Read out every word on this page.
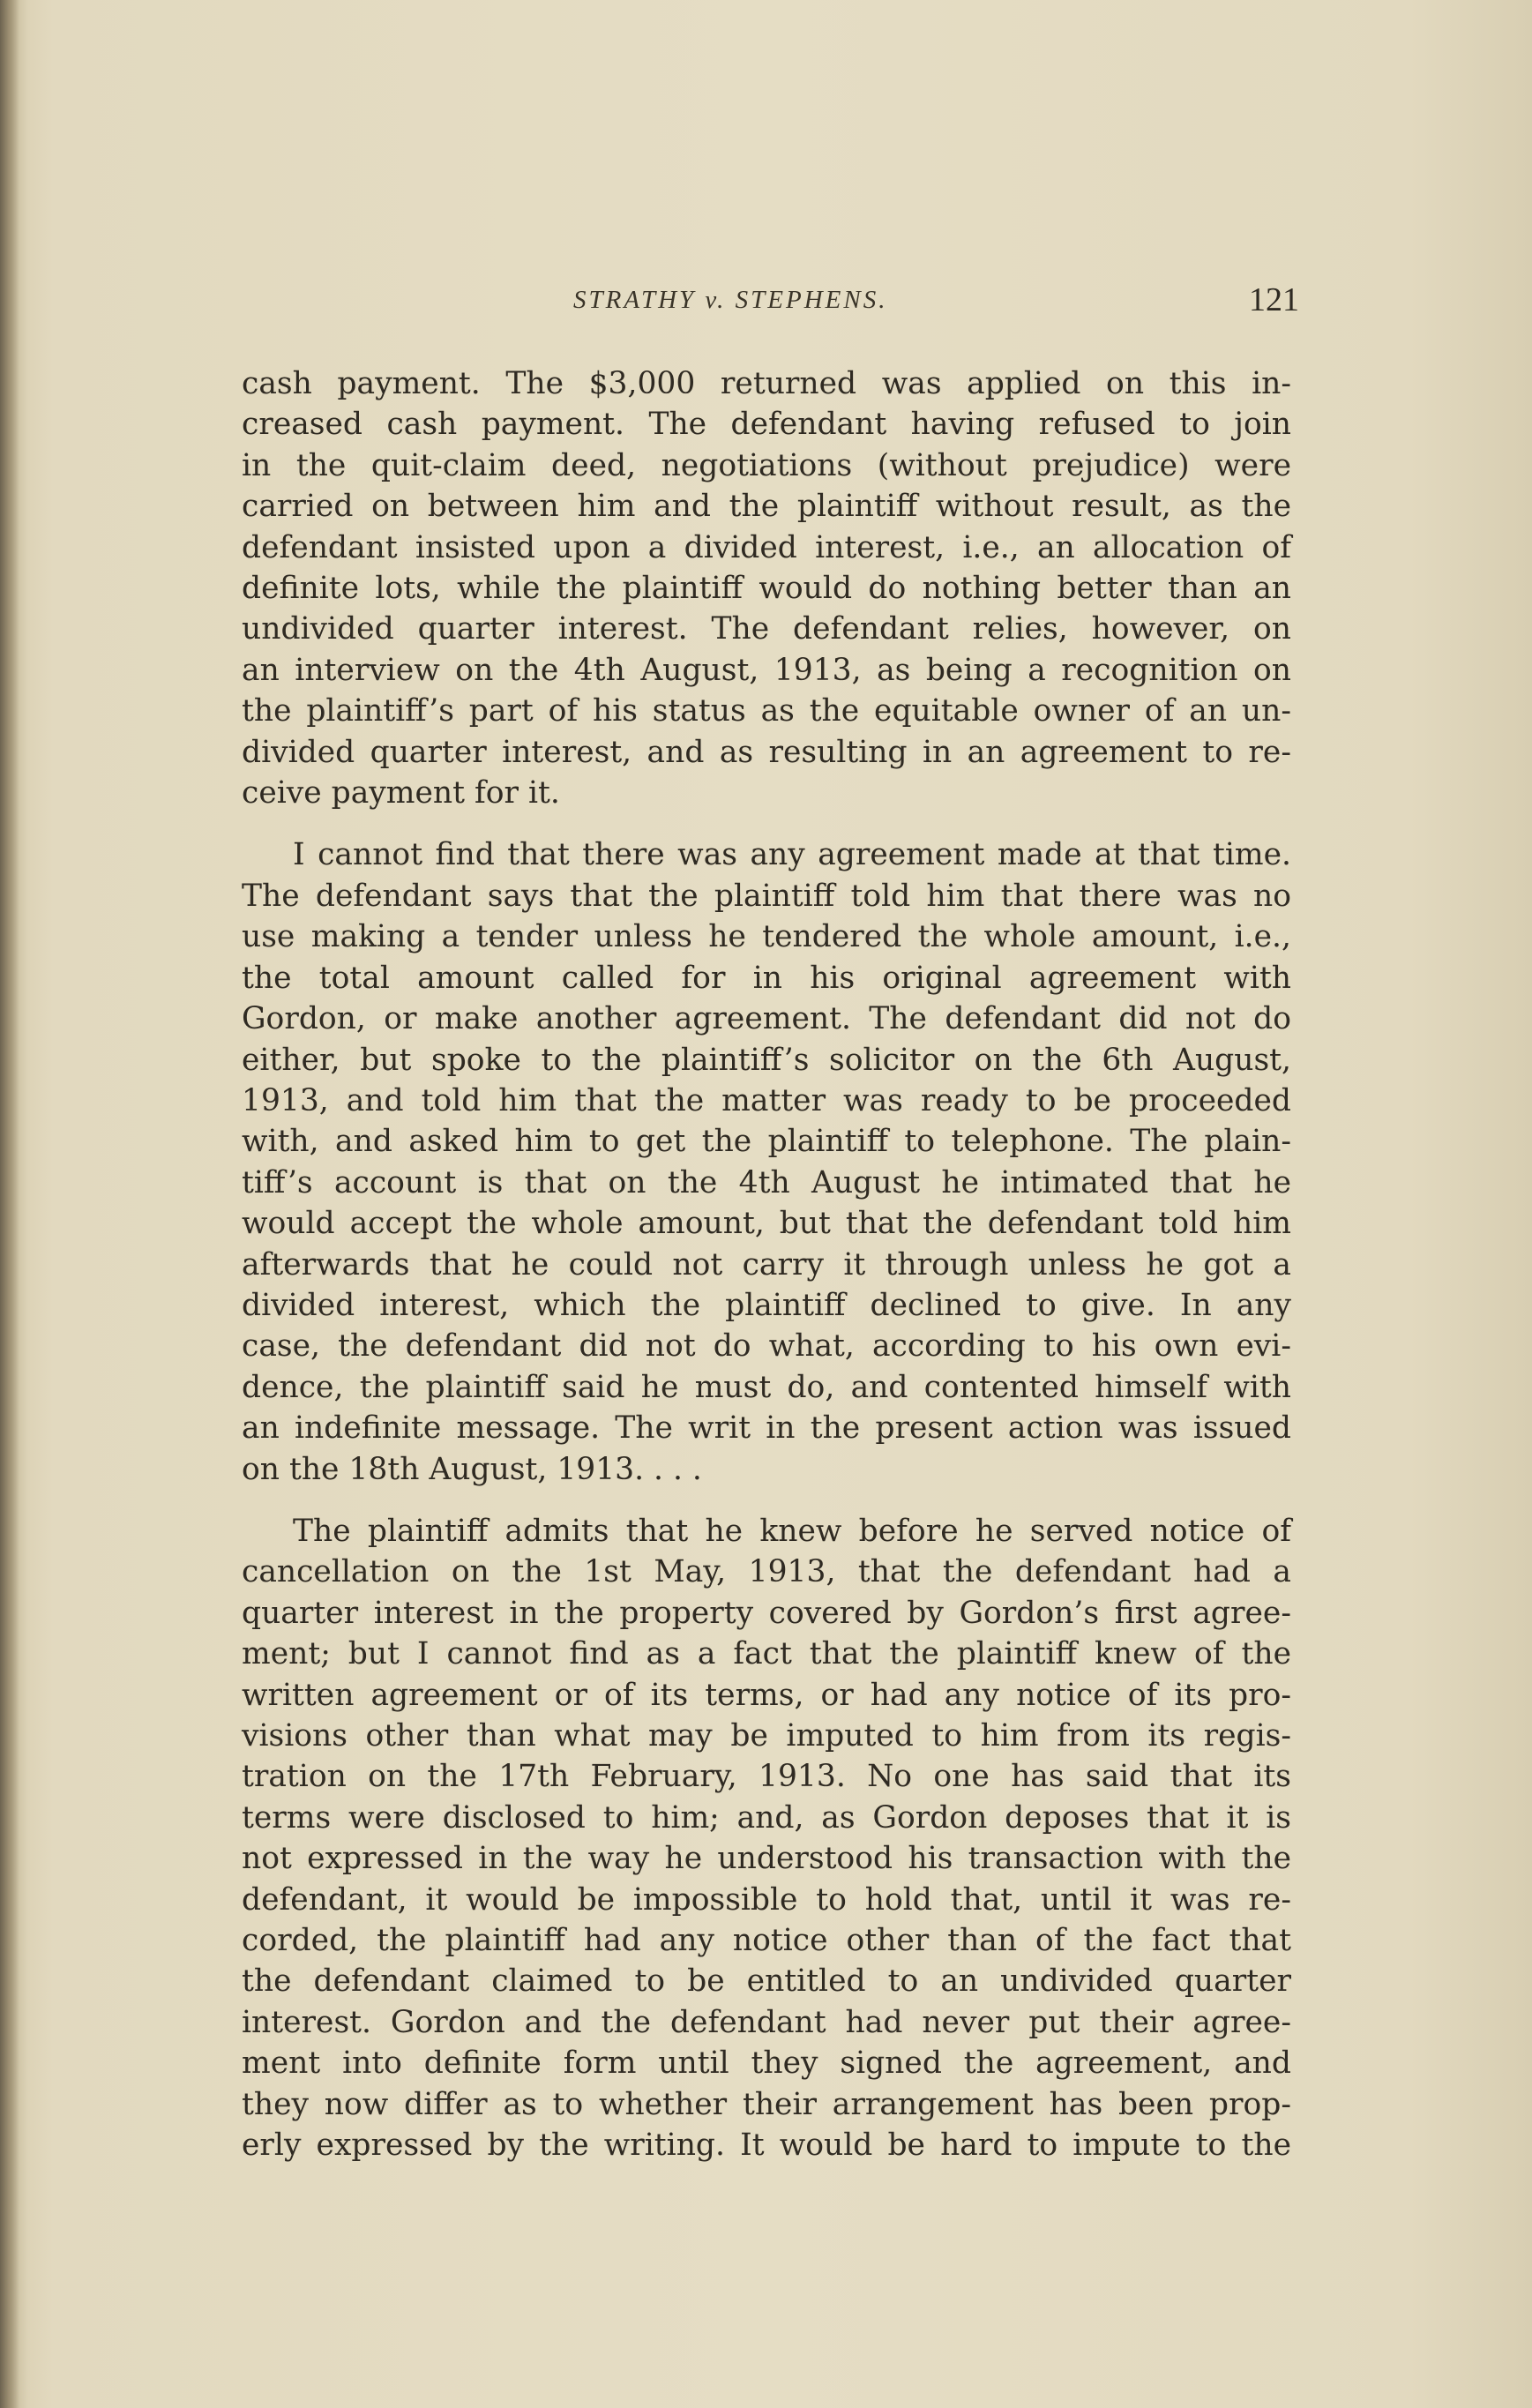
STRATHY v. STEPHENS.	121

cash payment. The $3,000 returned was applied on this in-
creased cash payment. The defendant having refused to join
in the quit-claim deed, negotiations (without prejudice) were
carried on between him and the plaintiff without result, as the
defendant insisted upon a divided interest, i.e., an allocation of
definite lots, while the plaintiff would do nothing better than an
undivided quarter interest. The defendant relies, however, on
an interview on the 4th August, 1913, as being a recognition on
the plaintiff’s part of his status as the equitable owner of an un-
divided quarter interest, and as resulting in an agreement to re-
ceive payment for it.

I cannot find that there was any agreement made at that time.
The defendant says that the plaintiff told him that there was no
use making a tender unless he tendered the whole amount, i.e.,
the total amount called for in his original agreement with
Gordon, or make another agreement. The defendant did not do
either, but spoke to the plaintiff’s solicitor on the 6th August,
1913, and told him that the matter was ready to be proceeded
with, and asked him to get the plaintiff to telephone. The plain-
tiff’s account is that on the 4th August he intimated that he
would accept the whole amount, but that the defendant told him
afterwards that he could not carry it through unless he got a
divided interest, which the plaintiff declined to give. In any
case, the defendant did not do what, according to his own evi-
dence, the plaintiff said he must do, and contented himself with
an indefinite message. The writ in the present action was issued
on the 18th August, 1913. . . .

The plaintiff admits that he knew before he served notice of
cancellation on the 1st May, 1913, that the defendant had a
quarter interest in the property covered by Gordon’s first agree-
ment; but I cannot find as a fact that the plaintiff knew of the
written agreement or of its terms, or had any notice of its pro-
visions other than what may be imputed to him from its regis-
tration on the 17th February, 1913. No one has said that its
terms were disclosed to him; and, as Gordon deposes that it is
not expressed in the way he understood his transaction with the
defendant, it would be impossible to hold that, until it was re-
corded, the plaintiff had any notice other than of the fact that
the defendant claimed to be entitled to an undivided quarter
interest. Gordon and the defendant had never put their agree-
ment into definite form until they signed the agreement, and
they now differ as to whether their arrangement has been prop-
erly expressed by the writing. It would be hard to impute to the
